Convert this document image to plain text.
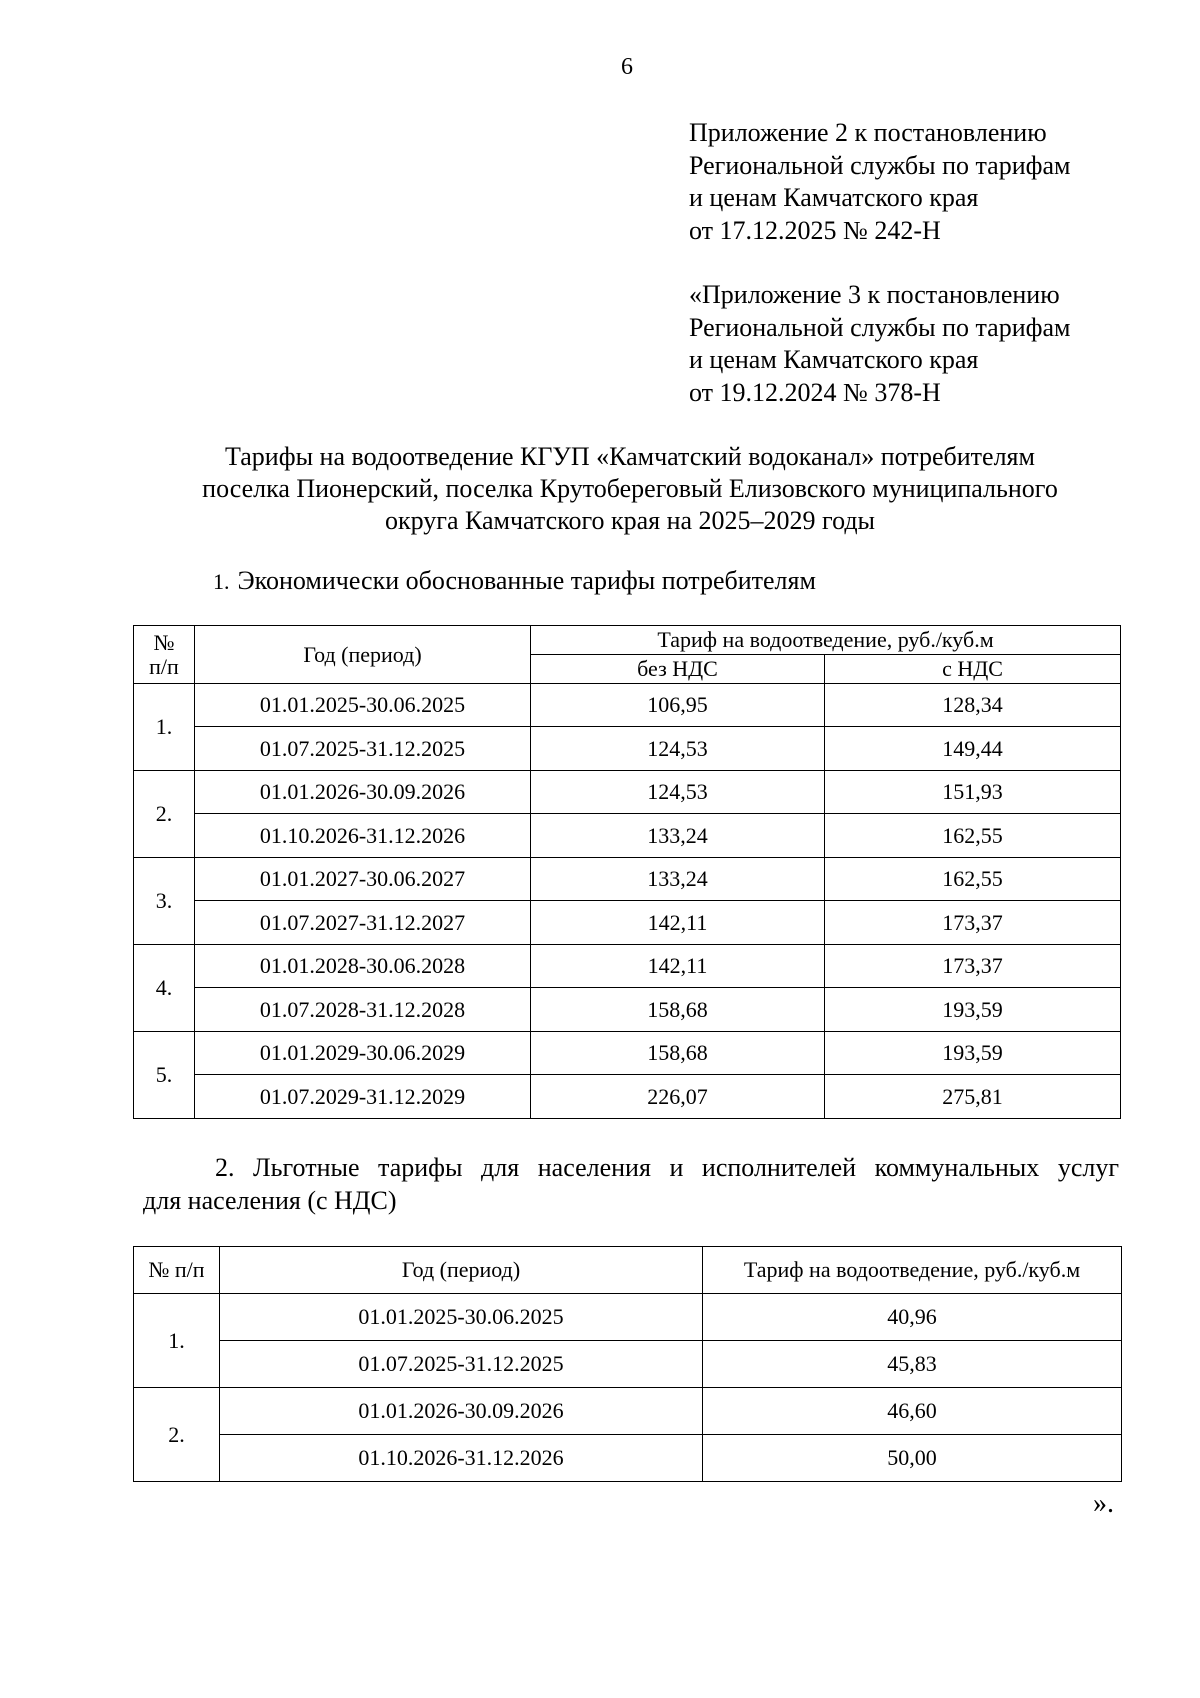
6
Приложение 2 к постановлению
Региональной службы по тарифам
и ценам Камчатского края
от 17.12.2025 № 242-Н
«Приложение 3 к постановлению
Региональной службы по тарифам
и ценам Камчатского края
от 19.12.2024 № 378-Н
Тарифы на водоотведение КГУП «Камчатский водоканал» потребителям
поселка Пионерский, поселка Крутобереговый Елизовского муниципального
округа Камчатского края на 2025–2029 годы
1. Экономически обоснованные тарифы потребителям
№
п/п	Год (период)	Тариф на водоотведение, руб./куб.м	
		без НДС	с НДС
1.	01.01.2025-30.06.2025	106,95	128,34
	01.07.2025-31.12.2025	124,53	149,44
2.	01.01.2026-30.09.2026	124,53	151,93
	01.10.2026-31.12.2026	133,24	162,55
3.	01.01.2027-30.06.2027	133,24	162,55
	01.07.2027-31.12.2027	142,11	173,37
4.	01.01.2028-30.06.2028	142,11	173,37
	01.07.2028-31.12.2028	158,68	193,59
5.	01.01.2029-30.06.2029	158,68	193,59
	01.07.2029-31.12.2029	226,07	275,81
2. Льготные тарифы для населения и исполнителей коммунальных услуг
для населения (с НДС)
№ п/п	Год (период)	Тариф на водоотведение, руб./куб.м
1.	01.01.2025-30.06.2025	40,96
	01.07.2025-31.12.2025	45,83
2.	01.01.2026-30.09.2026	46,60
	01.10.2026-31.12.2026	50,00
».
